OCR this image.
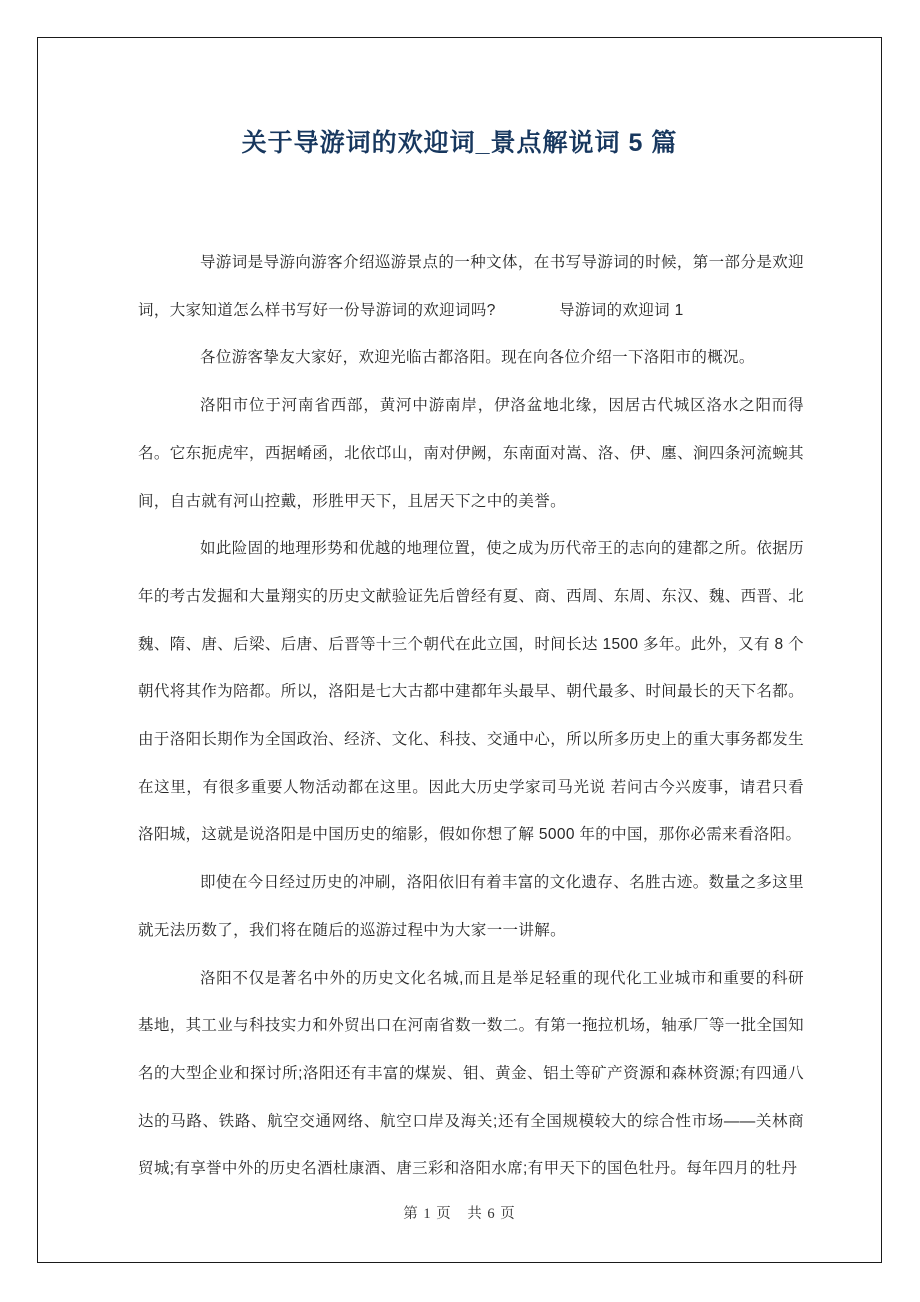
关于导游词的欢迎词_景点解说词 5 篇

导游词是导游向游客介绍巡游景点的一种文体，在书写导游词的时候，第一部分是欢迎词，大家知道怎么样书写好一份导游词的欢迎词吗?　　　　导游词的欢迎词 1

各位游客挚友大家好，欢迎光临古都洛阳。现在向各位介绍一下洛阳市的概况。

洛阳市位于河南省西部，黄河中游南岸，伊洛盆地北缘，因居古代城区洛水之阳而得名。它东扼虎牢，西据崤函，北依邙山，南对伊阙，东南面对嵩、洛、伊、廛、涧四条河流蜿其间，自古就有河山控戴，形胜甲天下，且居天下之中的美誉。

如此险固的地理形势和优越的地理位置，使之成为历代帝王的志向的建都之所。依据历年的考古发掘和大量翔实的历史文献验证先后曾经有夏、商、西周、东周、东汉、魏、西晋、北魏、隋、唐、后梁、后唐、后晋等十三个朝代在此立国，时间长达 1500 多年。此外，又有 8 个朝代将其作为陪都。所以，洛阳是七大古都中建都年头最早、朝代最多、时间最长的天下名都。由于洛阳长期作为全国政治、经济、文化、科技、交通中心，所以所多历史上的重大事务都发生在这里，有很多重要人物活动都在这里。因此大历史学家司马光说 若问古今兴废事，请君只看洛阳城，这就是说洛阳是中国历史的缩影，假如你想了解 5000 年的中国，那你必需来看洛阳。

即使在今日经过历史的冲刷，洛阳依旧有着丰富的文化遗存、名胜古迹。数量之多这里就无法历数了，我们将在随后的巡游过程中为大家一一讲解。

洛阳不仅是著名中外的历史文化名城,而且是举足轻重的现代化工业城市和重要的科研基地，其工业与科技实力和外贸出口在河南省数一数二。有第一拖拉机场，轴承厂等一批全国知名的大型企业和探讨所;洛阳还有丰富的煤炭、钼、黄金、铝土等矿产资源和森林资源;有四通八达的马路、铁路、航空交通网络、航空口岸及海关;还有全国规模较大的综合性市场——关林商贸城;有享誉中外的历史名酒杜康酒、唐三彩和洛阳水席;有甲天下的国色牡丹。每年四月的牡丹

第 1 页　共 6 页
